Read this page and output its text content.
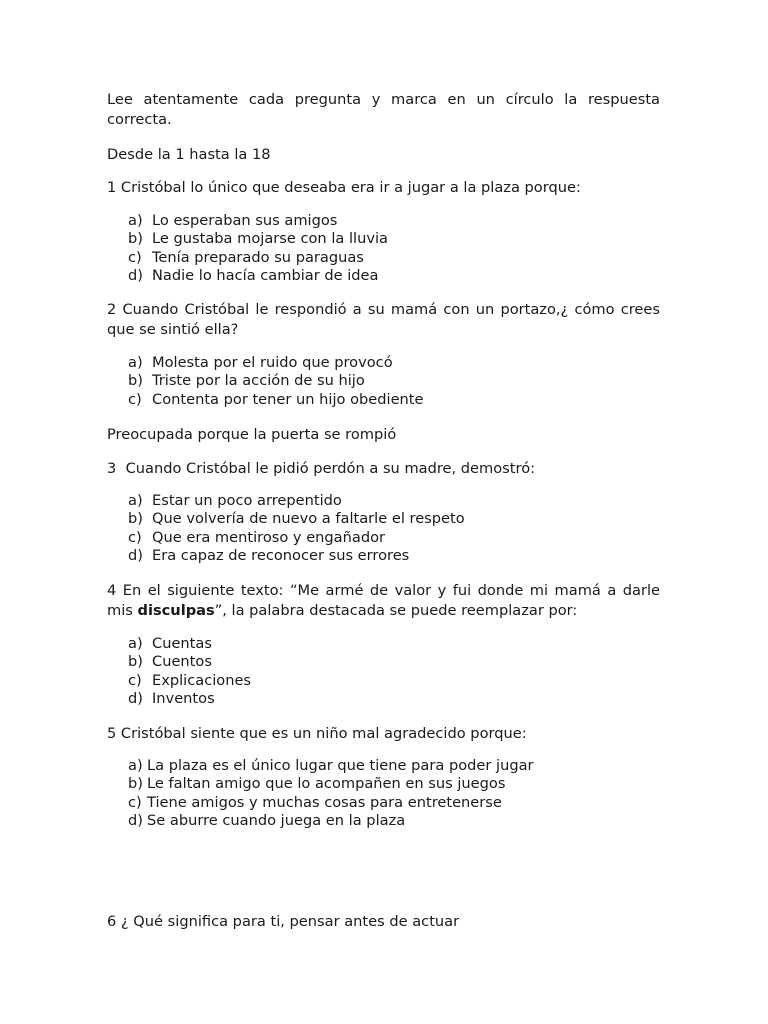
Lee atentamente cada pregunta y marca en un círculo la respuesta correcta.

Desde la 1 hasta la 18

1 Cristóbal lo único que deseaba era ir a jugar a la plaza porque:

a) Lo esperaban sus amigos
b) Le gustaba mojarse con la lluvia
c) Tenía preparado su paraguas
d) Nadie lo hacía cambiar de idea

2 Cuando Cristóbal le respondió a su mamá con un portazo,¿ cómo crees que se sintió ella?

a) Molesta por el ruido que provocó
b) Triste por la acción de su hijo
c) Contenta por tener un hijo obediente

Preocupada porque la puerta se rompió

3  Cuando Cristóbal le pidió perdón a su madre, demostró:

a) Estar un poco arrepentido
b) Que volvería de nuevo a faltarle el respeto
c) Que era mentiroso y engañador
d) Era capaz de reconocer sus errores

4 En el siguiente texto: “Me armé de valor y fui donde mi mamá a darle mis disculpas”, la palabra destacada se puede reemplazar por:

a) Cuentas
b) Cuentos
c) Explicaciones
d) Inventos

5 Cristóbal siente que es un niño mal agradecido porque:

a) La plaza es el único lugar que tiene para poder jugar
b) Le faltan amigo que lo acompañen en sus juegos
c) Tiene amigos y muchas cosas para entretenerse
d) Se aburre cuando juega en la plaza

6 ¿ Qué significa para ti, pensar antes de actuar
